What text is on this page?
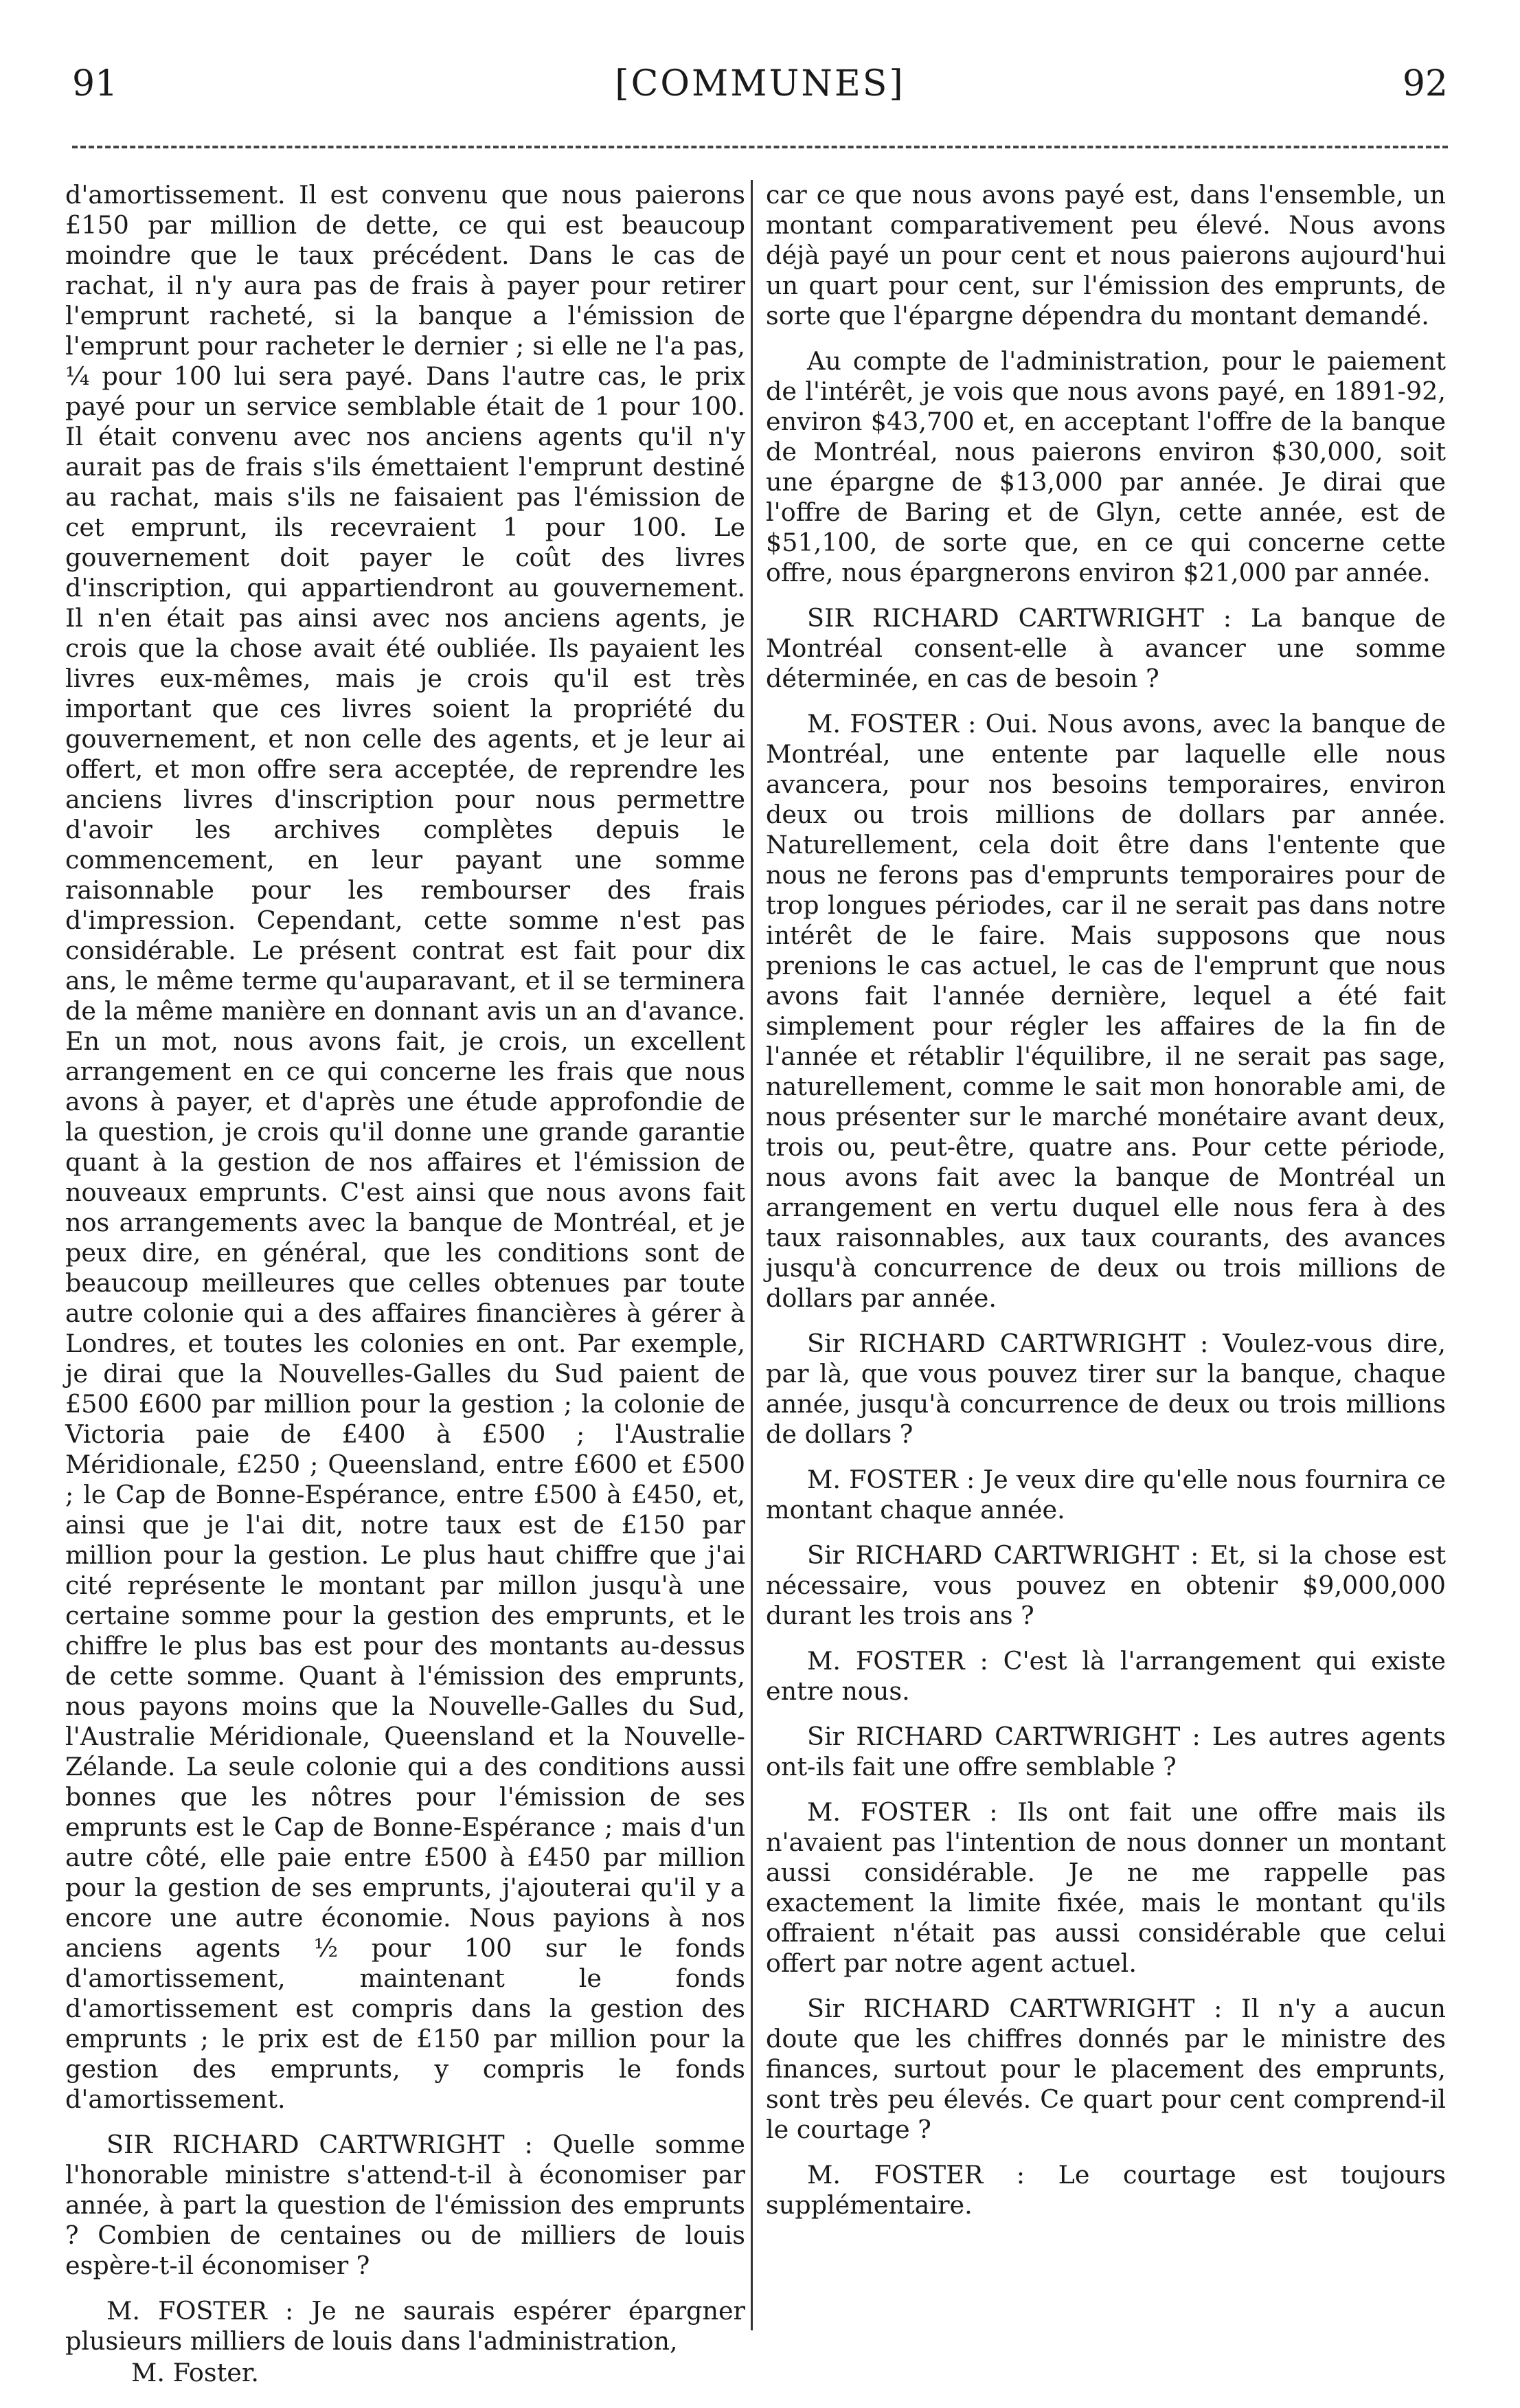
91	[COMMUNES]	92

d'amortissement. Il est convenu que nous paierons £150 par million de dette, ce qui est beaucoup moindre que le taux précédent. Dans le cas de rachat, il n'y aura pas de frais à payer pour retirer l'emprunt racheté, si la banque a l'émission de l'emprunt pour racheter le dernier ; si elle ne l'a pas, ¼ pour 100 lui sera payé. Dans l'autre cas, le prix payé pour un service semblable était de 1 pour 100. Il était convenu avec nos anciens agents qu'il n'y aurait pas de frais s'ils émettaient l'emprunt destiné au rachat, mais s'ils ne faisaient pas l'émission de cet emprunt, ils recevraient 1 pour 100. Le gouvernement doit payer le coût des livres d'inscription, qui appartiendront au gouvernement. Il n'en était pas ainsi avec nos anciens agents, je crois que la chose avait été oubliée. Ils payaient les livres eux-mêmes, mais je crois qu'il est très important que ces livres soient la propriété du gouvernement, et non celle des agents, et je leur ai offert, et mon offre sera acceptée, de reprendre les anciens livres d'inscription pour nous permettre d'avoir les archives complètes depuis le commencement, en leur payant une somme raisonnable pour les rembourser des frais d'impression. Cependant, cette somme n'est pas considérable. Le présent contrat est fait pour dix ans, le même terme qu'auparavant, et il se terminera de la même manière en donnant avis un an d'avance. En un mot, nous avons fait, je crois, un excellent arrangement en ce qui concerne les frais que nous avons à payer, et d'après une étude approfondie de la question, je crois qu'il donne une grande garantie quant à la gestion de nos affaires et l'émission de nouveaux emprunts. C'est ainsi que nous avons fait nos arrangements avec la banque de Montréal, et je peux dire, en général, que les conditions sont de beaucoup meilleures que celles obtenues par toute autre colonie qui a des affaires financières à gérer à Londres, et toutes les colonies en ont. Par exemple, je dirai que la Nouvelles-Galles du Sud paient de £500 £600 par million pour la gestion ; la colonie de Victoria paie de £400 à £500 ; l'Australie Méridionale, £250 ; Queensland, entre £600 et £500 ; le Cap de Bonne-Espérance, entre £500 à £450, et, ainsi que je l'ai dit, notre taux est de £150 par million pour la gestion. Le plus haut chiffre que j'ai cité représente le montant par millon jusqu'à une certaine somme pour la gestion des emprunts, et le chiffre le plus bas est pour des montants au-dessus de cette somme. Quant à l'émission des emprunts, nous payons moins que la Nouvelle-Galles du Sud, l'Australie Méridionale, Queensland et la Nouvelle-Zélande. La seule colonie qui a des conditions aussi bonnes que les nôtres pour l'émission de ses emprunts est le Cap de Bonne-Espérance ; mais d'un autre côté, elle paie entre £500 à £450 par million pour la gestion de ses emprunts, j'ajouterai qu'il y a encore une autre économie. Nous payions à nos anciens agents ½ pour 100 sur le fonds d'amortissement, maintenant le fonds d'amortissement est compris dans la gestion des emprunts ; le prix est de £150 par million pour la gestion des emprunts, y compris le fonds d'amortissement.

SIR RICHARD CARTWRIGHT : Quelle somme l'honorable ministre s'attend-t-il à économiser par année, à part la question de l'émission des emprunts ? Combien de centaines ou de milliers de louis espère-t-il économiser ?

M. FOSTER : Je ne saurais espérer épargner plusieurs milliers de louis dans l'administration,

M. Foster.

car ce que nous avons payé est, dans l'ensemble, un montant comparativement peu élevé. Nous avons déjà payé un pour cent et nous paierons aujourd'hui un quart pour cent, sur l'émission des emprunts, de sorte que l'épargne dépendra du montant demandé.

Au compte de l'administration, pour le paiement de l'intérêt, je vois que nous avons payé, en 1891-92, environ $43,700 et, en acceptant l'offre de la banque de Montréal, nous paierons environ $30,000, soit une épargne de $13,000 par année. Je dirai que l'offre de Baring et de Glyn, cette année, est de $51,100, de sorte que, en ce qui concerne cette offre, nous épargnerons environ $21,000 par année.

SIR RICHARD CARTWRIGHT : La banque de Montréal consent-elle à avancer une somme déterminée, en cas de besoin ?

M. FOSTER : Oui. Nous avons, avec la banque de Montréal, une entente par laquelle elle nous avancera, pour nos besoins temporaires, environ deux ou trois millions de dollars par année. Naturellement, cela doit être dans l'entente que nous ne ferons pas d'emprunts temporaires pour de trop longues périodes, car il ne serait pas dans notre intérêt de le faire. Mais supposons que nous prenions le cas actuel, le cas de l'emprunt que nous avons fait l'année dernière, lequel a été fait simplement pour régler les affaires de la fin de l'année et rétablir l'équilibre, il ne serait pas sage, naturellement, comme le sait mon honorable ami, de nous présenter sur le marché monétaire avant deux, trois ou, peut-être, quatre ans. Pour cette période, nous avons fait avec la banque de Montréal un arrangement en vertu duquel elle nous fera à des taux raisonnables, aux taux courants, des avances jusqu'à concurrence de deux ou trois millions de dollars par année.

Sir RICHARD CARTWRIGHT : Voulez-vous dire, par là, que vous pouvez tirer sur la banque, chaque année, jusqu'à concurrence de deux ou trois millions de dollars ?

M. FOSTER : Je veux dire qu'elle nous fournira ce montant chaque année.

Sir RICHARD CARTWRIGHT : Et, si la chose est nécessaire, vous pouvez en obtenir $9,000,000 durant les trois ans ?

M. FOSTER : C'est là l'arrangement qui existe entre nous.

Sir RICHARD CARTWRIGHT : Les autres agents ont-ils fait une offre semblable ?

M. FOSTER : Ils ont fait une offre mais ils n'avaient pas l'intention de nous donner un montant aussi considérable. Je ne me rappelle pas exactement la limite fixée, mais le montant qu'ils offraient n'était pas aussi considérable que celui offert par notre agent actuel.

Sir RICHARD CARTWRIGHT : Il n'y a aucun doute que les chiffres donnés par le ministre des finances, surtout pour le placement des emprunts, sont très peu élevés. Ce quart pour cent comprend-il le courtage ?

M. FOSTER : Le courtage est toujours supplémentaire.
